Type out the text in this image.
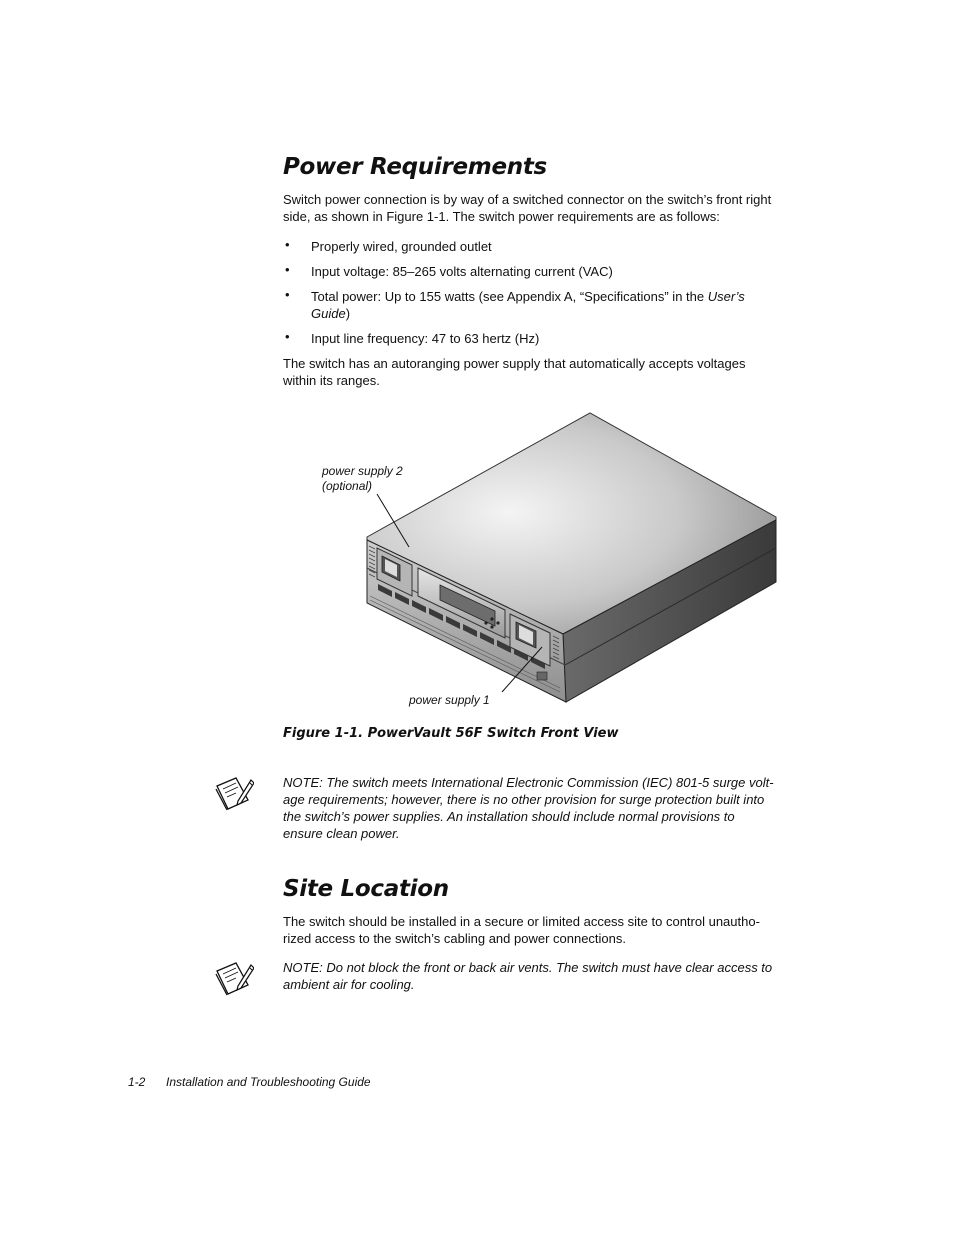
Power Requirements

Switch power connection is by way of a switched connector on the switch’s front right

side, as shown in Figure 1-1. The switch power requirements are as follows:

• Properly wired, grounded outlet
• Input voltage: 85–265 volts alternating current (VAC)
• Total power: Up to 155 watts (see Appendix A, “Specifications” in the User’s
Guide)
• Input line frequency: 47 to 63 hertz (Hz)

The switch has an autoranging power supply that automatically accepts voltages

within its ranges.

power supply 2
(optional)
power supply 1
Figure 1-1. PowerVault 56F Switch Front View

NOTE: The switch meets International Electronic Commission (IEC) 801-5 surge volt-

age requirements; however, there is no other provision for surge protection built into

the switch’s power supplies. An installation should include normal provisions to

ensure clean power.

Site Location

The switch should be installed in a secure or limited access site to control unautho-

rized access to the switch’s cabling and power connections.

NOTE: Do not block the front or back air vents. The switch must have clear access to

ambient air for cooling.

1-2 Installation and Troubleshooting Guide
